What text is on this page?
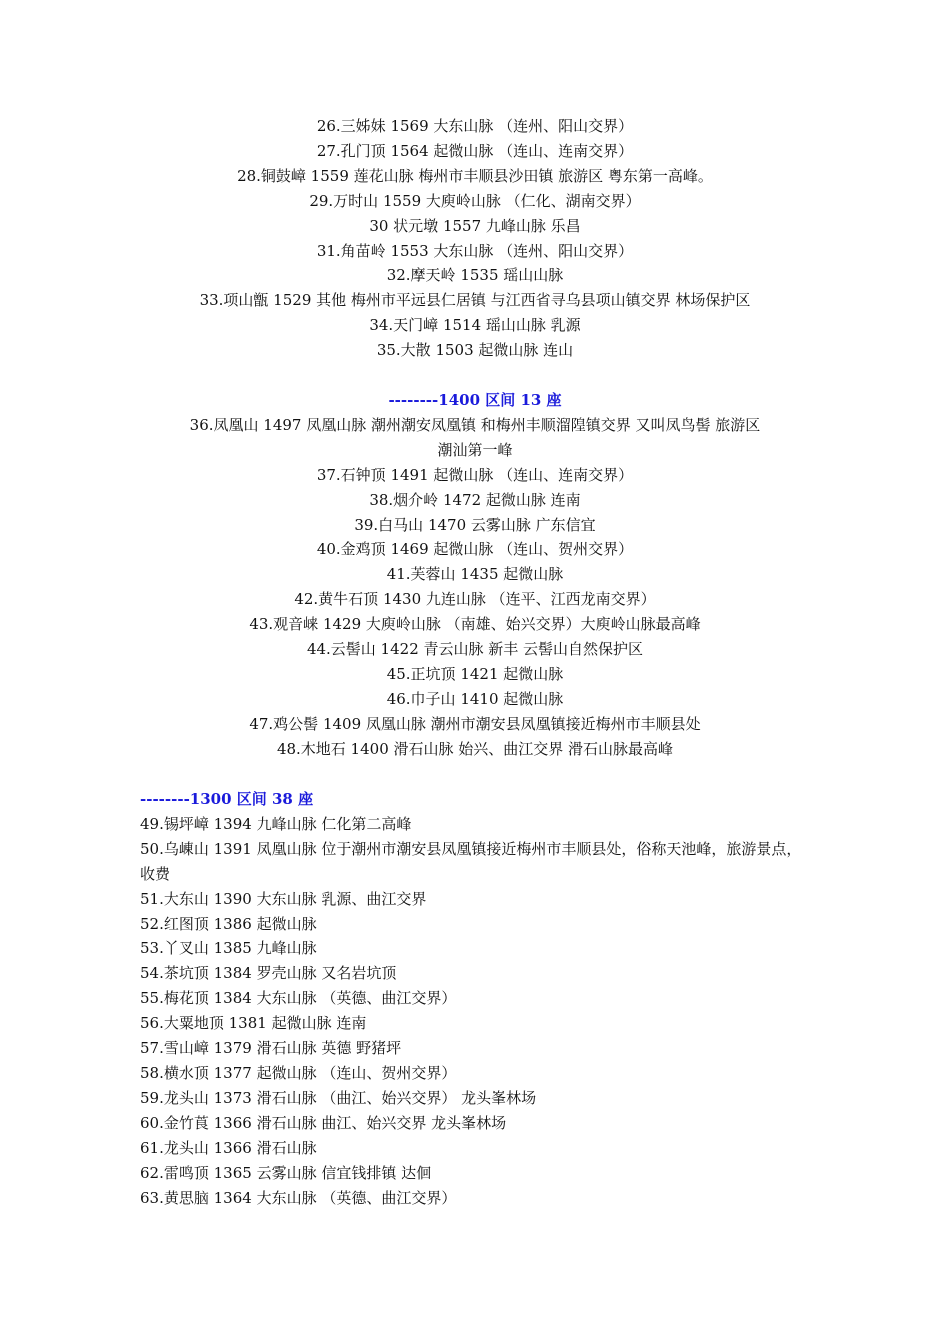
26.三姊妹 1569 大东山脉 （连州、阳山交界）
27.孔门顶 1564 起微山脉 （连山、连南交界）
28.铜鼓嶂 1559 莲花山脉 梅州市丰顺县沙田镇 旅游区 粤东第一高峰。
29.万时山 1559 大庾岭山脉 （仁化、湖南交界）
30 状元墩 1557 九峰山脉 乐昌
31.角苗岭 1553 大东山脉 （连州、阳山交界）
32.摩天岭 1535 瑶山山脉
33.项山甑 1529 其他 梅州市平远县仁居镇 与江西省寻乌县项山镇交界 林场保护区
34.天门嶂 1514 瑶山山脉 乳源
35.大散 1503 起微山脉 连山
--------1400 区间 13 座
36.凤凰山 1497 凤凰山脉 潮州潮安凤凰镇 和梅州丰顺溜隍镇交界 又叫凤鸟髻 旅游区
潮汕第一峰
37.石钟顶 1491 起微山脉 （连山、连南交界）
38.烟介岭 1472 起微山脉 连南
39.白马山 1470 云雾山脉 广东信宜
40.金鸡顶 1469 起微山脉 （连山、贺州交界）
41.芙蓉山 1435 起微山脉
42.黄牛石顶 1430 九连山脉 （连平、江西龙南交界）
43.观音崃 1429 大庾岭山脉 （南雄、始兴交界）大庾岭山脉最高峰
44.云髻山 1422 青云山脉 新丰 云髻山自然保护区
45.正坑顶 1421 起微山脉
46.巾子山 1410 起微山脉
47.鸡公髻 1409 凤凰山脉 潮州市潮安县凤凰镇接近梅州市丰顺县处
48.木地石 1400 滑石山脉 始兴、曲江交界 滑石山脉最高峰
--------1300 区间 38 座
49.锡坪嶂 1394 九峰山脉 仁化第二高峰
50.乌崠山 1391 凤凰山脉 位于潮州市潮安县凤凰镇接近梅州市丰顺县处，俗称天池峰，旅游景点，收费
51.大东山 1390 大东山脉 乳源、曲江交界
52.红图顶 1386 起微山脉
53.丫叉山 1385 九峰山脉
54.茶坑顶 1384 罗壳山脉 又名岩坑顶
55.梅花顶 1384 大东山脉 （英德、曲江交界）
56.大粟地顶 1381 起微山脉 连南
57.雪山嶂 1379 滑石山脉 英德 野猪坪
58.横水顶 1377 起微山脉 （连山、贺州交界）
59.龙头山 1373 滑石山脉 （曲江、始兴交界） 龙头峯林场
60.金竹莨 1366 滑石山脉 曲江、始兴交界 龙头峯林场
61.龙头山 1366 滑石山脉
62.雷鸣顶 1365 云雾山脉 信宜钱排镇 达佪
63.黄思脑 1364 大东山脉 （英德、曲江交界）
